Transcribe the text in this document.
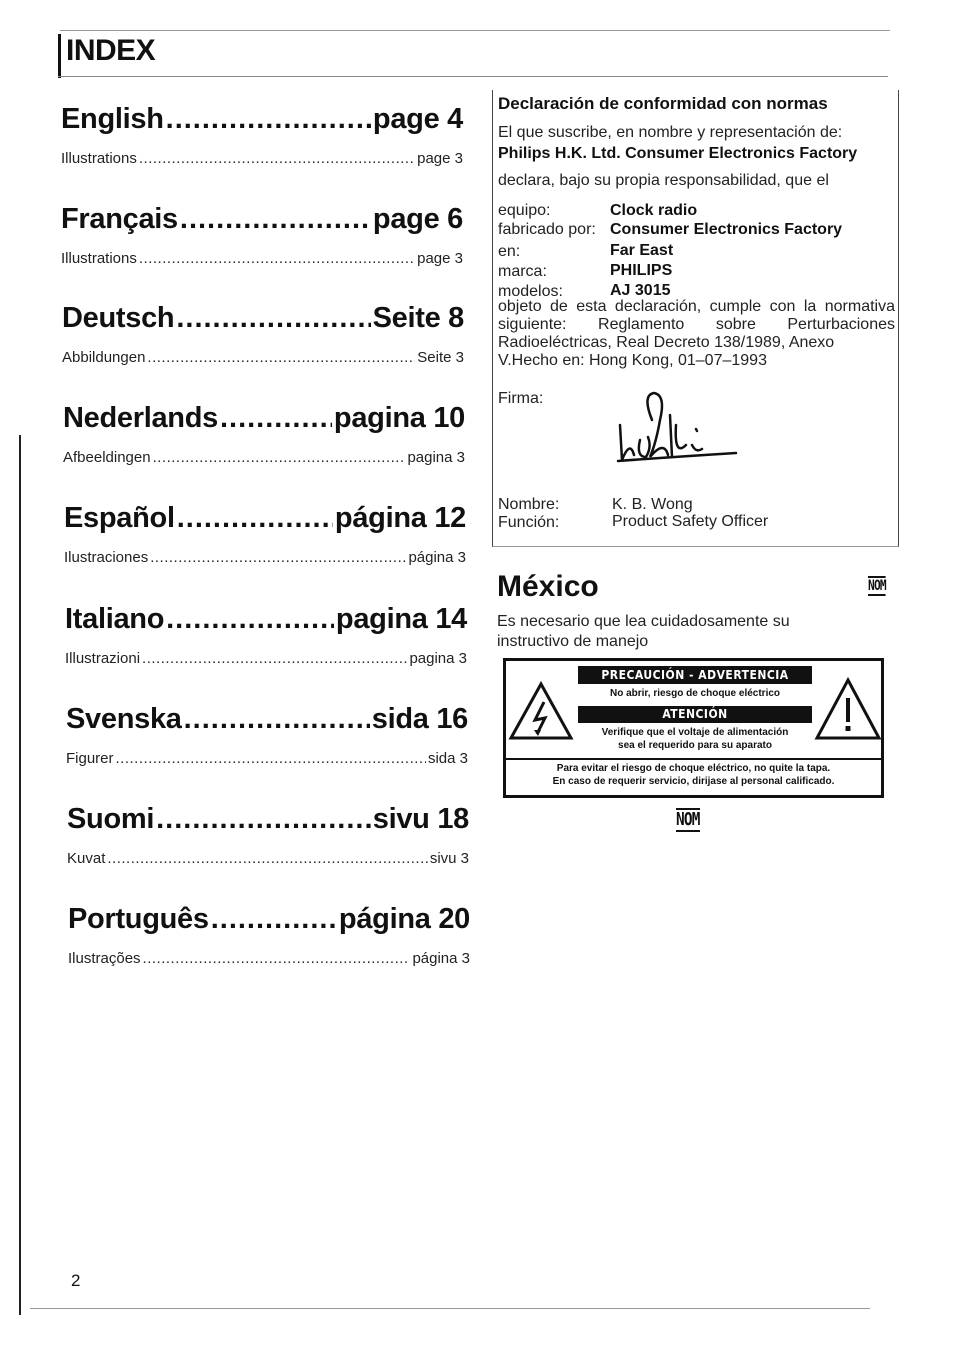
INDEX
English .....	page 4
Illustrations .....	page 3
Français .....	page 6
Illustrations .....	page 3
Deutsch .....	Seite 8
Abbildungen .....	Seite 3
Nederlands .....	pagina 10
Afbeeldingen .....	pagina 3
Español .....	página 12
Ilustraciones .....	página 3
Italiano .....	pagina 14
Illustrazioni .....	pagina 3
Svenska .....	sida 16
Figurer .....	sida 3
Suomi .....	sivu 18
Kuvat .....	sivu 3
Português .....	página 20
Ilustrações .....	página 3
Declaración de conformidad con normas
El que suscribe, en nombre y representación de:
Philips H.K. Ltd. Consumer Electronics Factory
declara, bajo su propia responsabilidad, que el
equipo:	Clock radio
fabricado por: Consumer Electronics Factory
en:	Far East
marca:	PHILIPS
modelos:	AJ 3015
objeto de esta declaración, cumple con la normativa siguiente: Reglamento sobre Perturbaciones Radioeléctricas, Real Decreto 138/1989, Anexo
V.Hecho en: Hong Kong, 01–07–1993
Firma:
Nombre:	K. B. Wong
Función:	Product Safety Officer
México	NOM
Es necesario que lea cuidadosamente su instructivo de manejo
PRECAUCIÓN - ADVERTENCIA
No abrir, riesgo de choque eléctrico
ATENCIÓN
Verifique que el voltaje de alimentación
sea el requerido para su aparato
Para evitar el riesgo de choque eléctrico, no quite la tapa.
En caso de requerir servicio, dirijase al personal calificado.
NOM
2
